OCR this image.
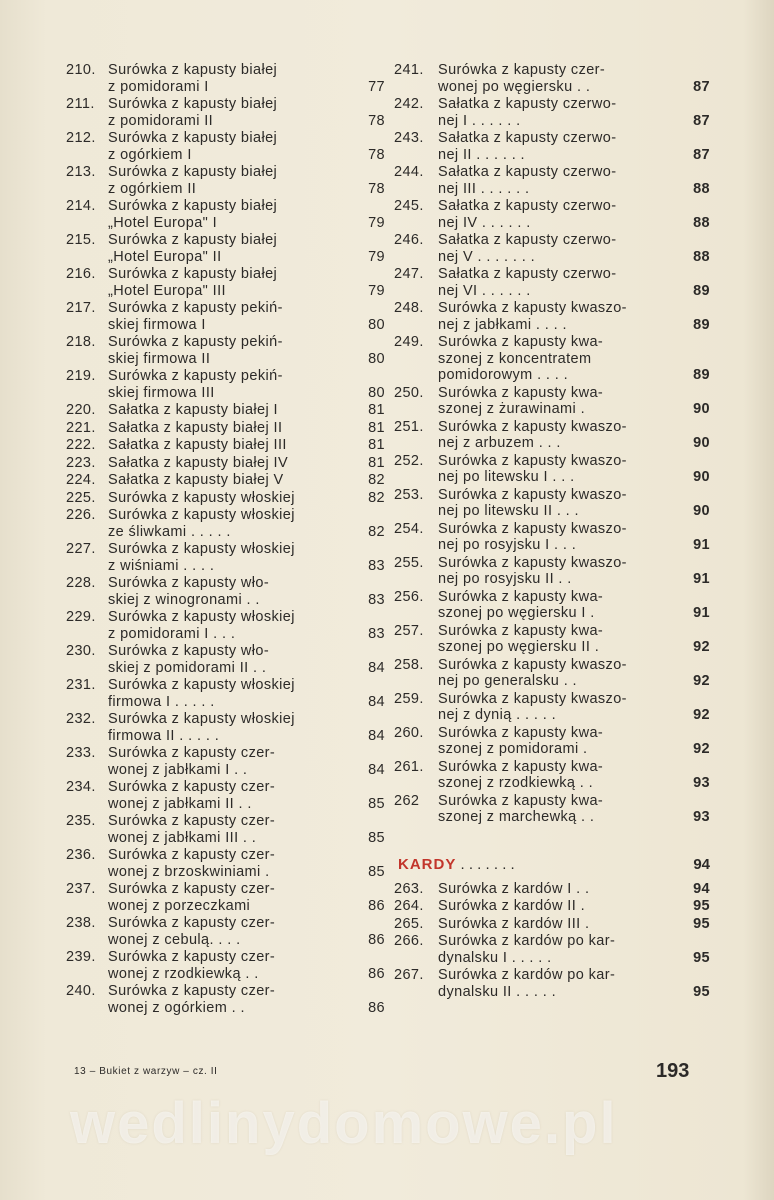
210. Surówka z kapusty białej
z pomidorami I	77
211. Surówka z kapusty białej
z pomidorami II	78
212. Surówka z kapusty białej
z ogórkiem I	78
213. Surówka z kapusty białej
z ogórkiem II	78
214. Surówka z kapusty białej
„Hotel Europa" I	79
215. Surówka z kapusty białej
„Hotel Europa" II	79
216. Surówka z kapusty białej
„Hotel Europa" III	79
217. Surówka z kapusty pekiń-
skiej firmowa I	80
218. Surówka z kapusty pekiń-
skiej firmowa II	80
219. Surówka z kapusty pekiń-
skiej firmowa III	80
220. Sałatka z kapusty białej I	81
221. Sałatka z kapusty białej II	81
222. Sałatka z kapusty białej III	81
223. Sałatka z kapusty białej IV	81
224. Sałatka z kapusty białej V	82
225. Surówka z kapusty włoskiej	82
226. Surówka z kapusty włoskiej
ze śliwkami . . . . .	82
227. Surówka z kapusty włoskiej
z wiśniami . . . .	83
228. Surówka z kapusty wło-
skiej z winogronami . .	83
229. Surówka z kapusty włoskiej
z pomidorami I . . .	83
230. Surówka z kapusty wło-
skiej z pomidorami II . .	84
231. Surówka z kapusty włoskiej
firmowa I . . . . .	84
232. Surówka z kapusty włoskiej
firmowa II . . . . .	84
233. Surówka z kapusty czer-
wonej z jabłkami I . .	84
234. Surówka z kapusty czer-
wonej z jabłkami II . .	85
235. Surówka z kapusty czer-
wonej z jabłkami III . .	85
236. Surówka z kapusty czer-
wonej z brzoskwiniami .	85
237. Surówka z kapusty czer-
wonej z porzeczkami	86
238. Surówka z kapusty czer-
wonej z cebulą. . . .	86
239. Surówka z kapusty czer-
wonej z rzodkiewką . .	86
240. Surówka z kapusty czer-
wonej z ogórkiem . .	86
241. Surówka z kapusty czer-
wonej po węgiersku . .	87
242. Sałatka z kapusty czerwo-
nej I . . . . . .	87
243. Sałatka z kapusty czerwo-
nej II . . . . . .	87
244. Sałatka z kapusty czerwo-
nej III . . . . . .	88
245. Sałatka z kapusty czerwo-
nej IV . . . . . .	88
246. Sałatka z kapusty czerwo-
nej V . . . . . . .	88
247. Sałatka z kapusty czerwo-
nej VI . . . . . .	89
248. Surówka z kapusty kwaszo-
nej z jabłkami . . . .	89
249. Surówka z kapusty kwa-
szonej z koncentratem
pomidorowym . . . .	89
250. Surówka z kapusty kwa-
szonej z żurawinami .	90
251. Surówka z kapusty kwaszo-
nej z arbuzem . . .	90
252. Surówka z kapusty kwaszo-
nej po litewsku I . . .	90
253. Surówka z kapusty kwaszo-
nej po litewsku II . . .	90
254. Surówka z kapusty kwaszo-
nej po rosyjsku I . . .	91
255. Surówka z kapusty kwaszo-
nej po rosyjsku II . .	91
256. Surówka z kapusty kwa-
szonej po węgiersku I .	91
257. Surówka z kapusty kwa-
szonej po węgiersku II .	92
258. Surówka z kapusty kwaszo-
nej po generalsku . .	92
259. Surówka z kapusty kwaszo-
nej z dynią . . . . .	92
260. Surówka z kapusty kwa-
szonej z pomidorami .	92
261. Surówka z kapusty kwa-
szonej z rzodkiewką . .	93
262	Surówka z kapusty kwa-
szonej z marchewką . .	93
KARDY . . . . . . .	94
263. Surówka z kardów I . .	94
264. Surówka z kardów II .	95
265. Surówka z kardów III .	95
266. Surówka z kardów po kar-
dynalsku I . . . . .	95
267. Surówka z kardów po kar-
dynalsku II . . . . .	95
13 – Bukiet z warzyw – cz. II	193
wedlinydomowe.pl
